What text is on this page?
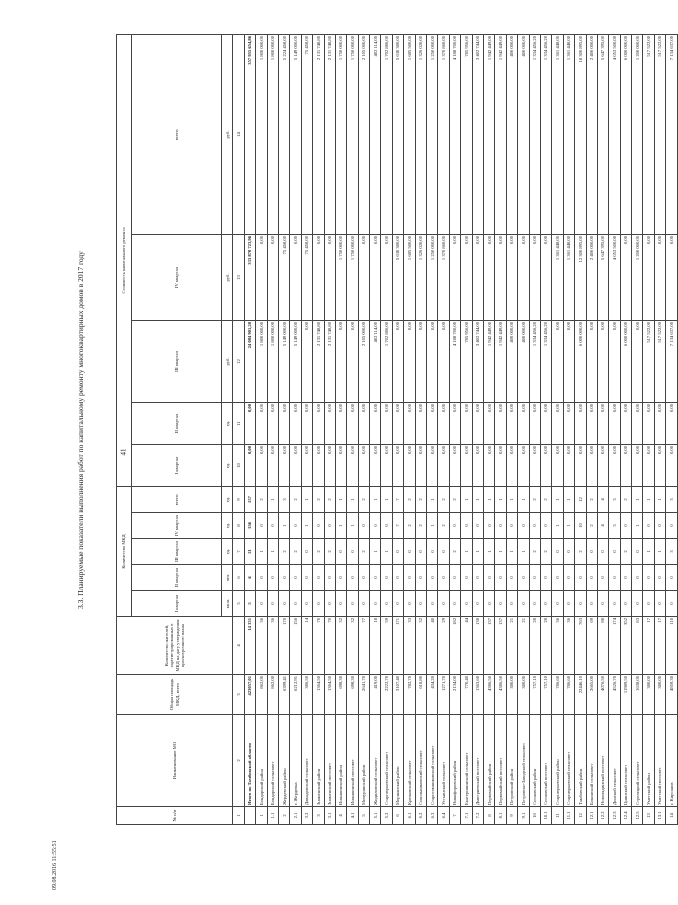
41
09.08.2016 11:55:51
3.3. Планируемые показатели выполнения работ по капитальному ремонту многоквартирных домов в 2017 году
№ п/п	Наименование МО	Общая площадь МКД, всего	Количество жителей, зарегистрированных в МКД на дату утверждения краткосрочного плана	Количество МКД					Стоимость капитального ремонта				
				I квартал	II квартал	III квартал	IV квартал	всего:	I квартал	II квартал	III квартал	IV квартал	всего:
				кв.м.	чел.	ед.	ед.	ед.	ед.	ед.	руб.	руб.	руб.
1	2	3	4	5	6	7	8	9	10	11	12	13	14
	Итого по Тамбовской области	423057,01	14 331	5	6	21	156	157	0,00	0,00	24 084 901,20	333 870 723,96	357 955 654,86
1	Бондарский район	862,00	36	0	0	1	0	2	0,00	0,00	1 800 000,00	0,00	1 800 000,00
1.1	Бондарский сельсовет	862,00	36	0	0	1	0	1	0,00	0,00	1 800 000,00	0,00	1 800 000,00
2	Жердевский район	6399,41	170	0	0	2	1	3	0,00	0,00	5 149 000,00	75 458,00	5 224 458,00
2.1	г. Жердевка	6212,91	156	0	0	2	0	2	0,00	0,00	5 149 000,00	0,00	5 149 000,00
3.2	Давыдовский сельсовет	386,50	14	0	0	0	1	1	0,00	0,00	0,00	75 458,00	75 458,00
3	Знаменский район	1364,50	70	0	0	2	0	2	0,00	0,00	2 131 748,80	0,00	2 131 748,80
3.1	Знаменский поссовет	1364,50	70	0	0	2	0	2	0,00	0,00	2 131 748,80	0,00	2 131 748,80
4	Инжавинский район	698,30	32	0	0	0	1	1	0,00	0,00	0,00	1 750 000,00	1 750 000,00
4.1	Инжавинский поссовет	698,30	32	0	0	0	1	1	0,00	0,00	0,00	1 750 000,00	1 750 000,00
5	Мичуринский район	2641,70	77	0	0	2	0	2	0,00	0,00	2 105 000,00	0,00	2 105 000,00
5.1	Жидиловский сельсовет	419,00	18	0	0	1	0	1	0,00	0,00	402 114,00	0,00	402 114,00
5.2	Староюрьевский сельсовет	2222,70	59	0	0	1	0	1	0,00	0,00	1 702 886,00	0,00	1 702 886,00
6	Моршанский район	3107,40	171	0	0	0	7	7	0,00	0,00	0,00	5 630 380,00	5 630 380,00
6.1	Крюковский сельсовет	782,70	33	0	0	0	2	2	0,00	0,00	0,00	1 685 500,00	1 685 500,00
6.2	Сокольниковский сельсовет	618,80	32	0	0	0	2	2	0,00	0,00	0,00	1 326 020,00	1 326 020,00
6.3	Старотомниковский сельсовет	434,20	40	0	0	0	1	1	0,00	0,00	0,00	1 250 000,00	1 250 000,00
6.4	Устьинский сельсовет	1271,70	29	0	0	0	2	2	0,00	0,00	0,00	1 370 860,00	1 370 860,00
7	Никифоровский район	2134,00	182	0	0	2	0	2	0,00	0,00	4 188 700,00	0,00	4 188 700,00
7.1	Екатерининский сельсовет	770,40	44	0	0	1	0	1	0,00	0,00	785 956,00	0,00	785 956,00
7.2	Дмитриевский поссовет	1363,60	138	0	0	1	0	1	0,00	0,00	3 402 744,00	0,00	3 402 744,00
8	Первомайский район	4386,50	137	0	0	1	0	1	0,00	0,00	1 942 449,00	0,00	1 942 449,00
8.1	Первомайский поссовет	4386,50	137	0	0	1	0	1	0,00	0,00	1 942 449,00	0,00	1 942 449,00
9	Петровский район	380,00	21	0	0	1	0	1	0,00	0,00	400 000,00	0,00	400 000,00
9.1	Петровско-Заводской сельсовет	380,00	21	0	0	1	0	1	0,00	0,00	400 000,00	0,00	400 000,00
10	Сосновский район	757,10	28	0	0	2	0	2	0,00	0,00	1 334 456,20	0,00	1 334 456,20
10.1	Сосновский поссовет	757,10	28	0	0	2	0	2	0,00	0,00	1 334 456,20	0,00	1 334 456,20
11	Староюрьевский район	786,60	36	0	0	0	1	1	0,00	0,00	0,00	1 361 448,00	1 361 448,00
11.1	Староюрьевский сельсовет	786,60	36	0	0	0	1	1	0,00	0,00	0,00	1 361 448,00	1 361 448,00
12	Тамбовский район	22446,10	763	0	0	2	10	12	0,00	0,00	6 000 000,00	12 300 895,00	18 300 895,00
12.1	Бокинский сельсовет	2665,00	69	0	0	0	2	2	0,00	0,00	0,00	2 400 000,00	2 400 000,00
12.2	Новолядинский поссовет	4076,50	88	0	0	0	4	4	0,00	0,00	0,00	5 647 395,00	5 647 395,00
12.3	Донской сельсовет	4526,70	174	0	0	0	3	3	0,00	0,00	0,00	4 053 500,00	4 053 500,00
12.4	Цнинский сельсовет	11989,50	352	0	0	2	0	2	0,00	0,00	6 000 000,00	0,00	6 000 000,00
12.5	Стрелецкий сельсовет	1638,00	83	0	0	0	1	1	0,00	0,00	0,00	1 200 000,00	1 200 000,00
13	Уметский район	380,00	17	0	0	1	0	1	0,00	0,00	517 522,00	0,00	517 522,00
13.1	Уметский поссовет	380,00	17	0	0	1	0	1	0,00	0,00	517 522,00	0,00	517 522,00
14	г. Кирсанов	4859,30	110	0	0	3	0	3	0,00	0,00	7 134 637,00	0,00	7 134 637,00
